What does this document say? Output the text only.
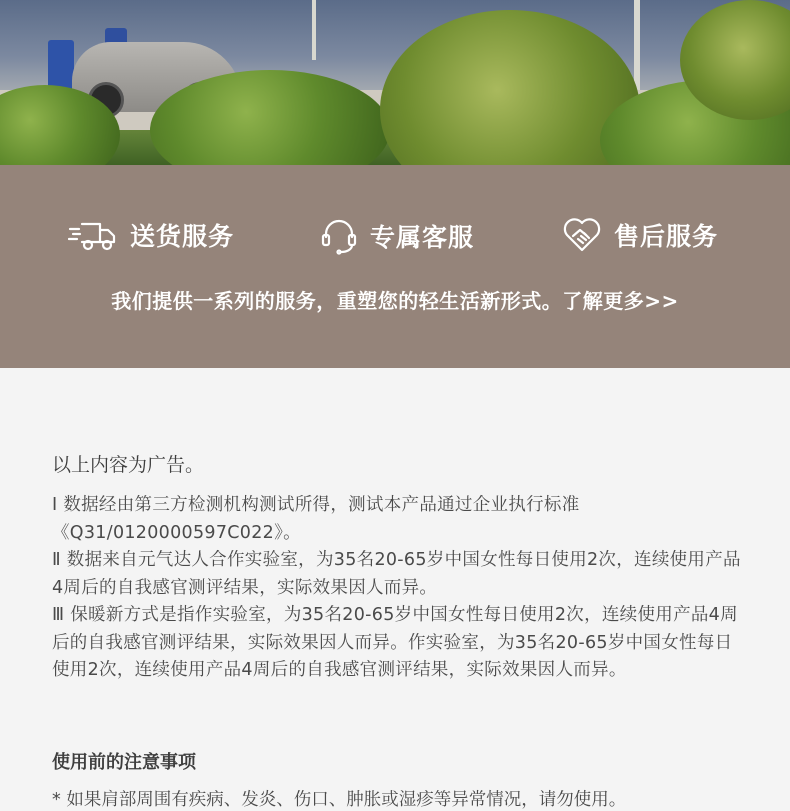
送货服务	专属客服	售后服务
我们提供一系列的服务，重塑您的轻生活新形式。了解更多>>
以上内容为广告。

Ⅰ 数据经由第三方检测机构测试所得，测试本产品通过企业执行标准《Q31/0120000597C022》。

Ⅱ 数据来自元气达人合作实验室，为35名20-65岁中国女性每日使用2次，连续使用产品4周后的自我感官测评结果，实际效果因人而异。

Ⅲ 保暖新方式是指作实验室，为35名20-65岁中国女性每日使用2次，连续使用产品4周后的自我感官测评结果，实际效果因人而异。作实验室，为35名20-65岁中国女性每日使用2次，连续使用产品4周后的自我感官测评结果，实际效果因人而异。

使用前的注意事项
* 如果肩部周围有疾病、发炎、伤口、肿胀或湿疹等异常情况，请勿使用。
